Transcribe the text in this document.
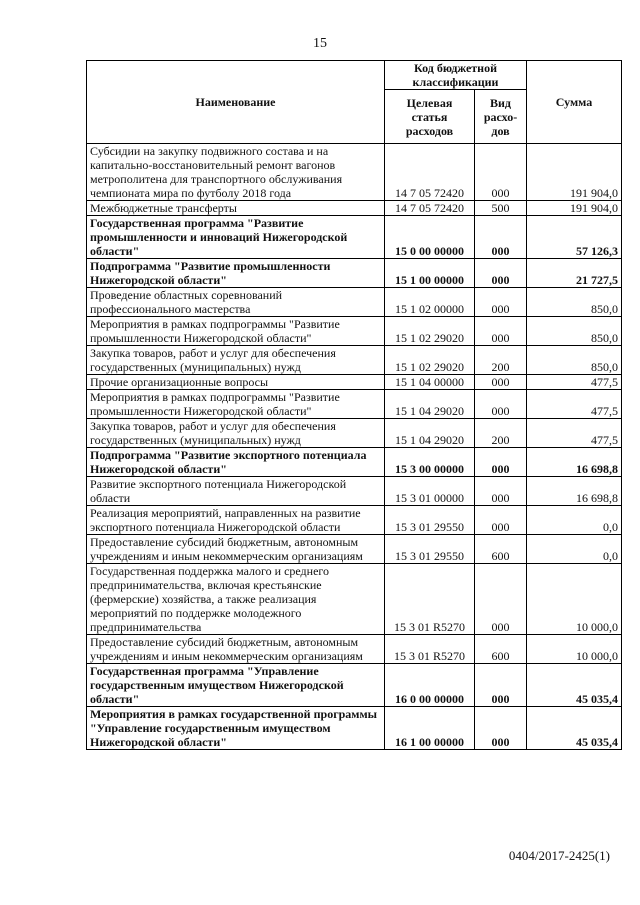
15
Наименование	Код бюджетной классификации		Сумма
	Целевая статья расходов	Вид расхо-дов	
Субсидии на закупку подвижного состава и на капитально-восстановительный ремонт вагонов метрополитена для транспортного обслуживания чемпионата мира по футболу 2018 года	14 7 05 72420	000	191 904,0
Межбюджетные трансферты	14 7 05 72420	500	191 904,0
Государственная программа "Развитие промышленности и инноваций Нижегородской области"	15 0 00 00000	000	57 126,3
Подпрограмма "Развитие промышленности Нижегородской области"	15 1 00 00000	000	21 727,5
Проведение областных соревнований профессионального мастерства	15 1 02 00000	000	850,0
Мероприятия в рамках подпрограммы "Развитие промышленности Нижегородской области"	15 1 02 29020	000	850,0
Закупка товаров, работ и услуг для обеспечения государственных (муниципальных) нужд	15 1 02 29020	200	850,0
Прочие организационные вопросы	15 1 04 00000	000	477,5
Мероприятия в рамках подпрограммы "Развитие промышленности Нижегородской области"	15 1 04 29020	000	477,5
Закупка товаров, работ и услуг для обеспечения государственных (муниципальных) нужд	15 1 04 29020	200	477,5
Подпрограмма "Развитие экспортного потенциала Нижегородской области"	15 3 00 00000	000	16 698,8
Развитие экспортного потенциала Нижегородской области	15 3 01 00000	000	16 698,8
Реализация мероприятий, направленных на развитие экспортного потенциала Нижегородской области	15 3 01 29550	000	0,0
Предоставление субсидий бюджетным, автономным учреждениям и иным некоммерческим организациям	15 3 01 29550	600	0,0
Государственная поддержка малого и среднего предпринимательства, включая крестьянские (фермерские) хозяйства, а также реализация мероприятий по поддержке молодежного предпринимательства	15 3 01 R5270	000	10 000,0
Предоставление субсидий бюджетным, автономным учреждениям и иным некоммерческим организациям	15 3 01 R5270	600	10 000,0
Государственная программа "Управление государственным имуществом Нижегородской области"	16 0 00 00000	000	45 035,4
Мероприятия в рамках государственной программы "Управление государственным имуществом Нижегородской области"	16 1 00 00000	000	45 035,4
0404/2017-2425(1)
